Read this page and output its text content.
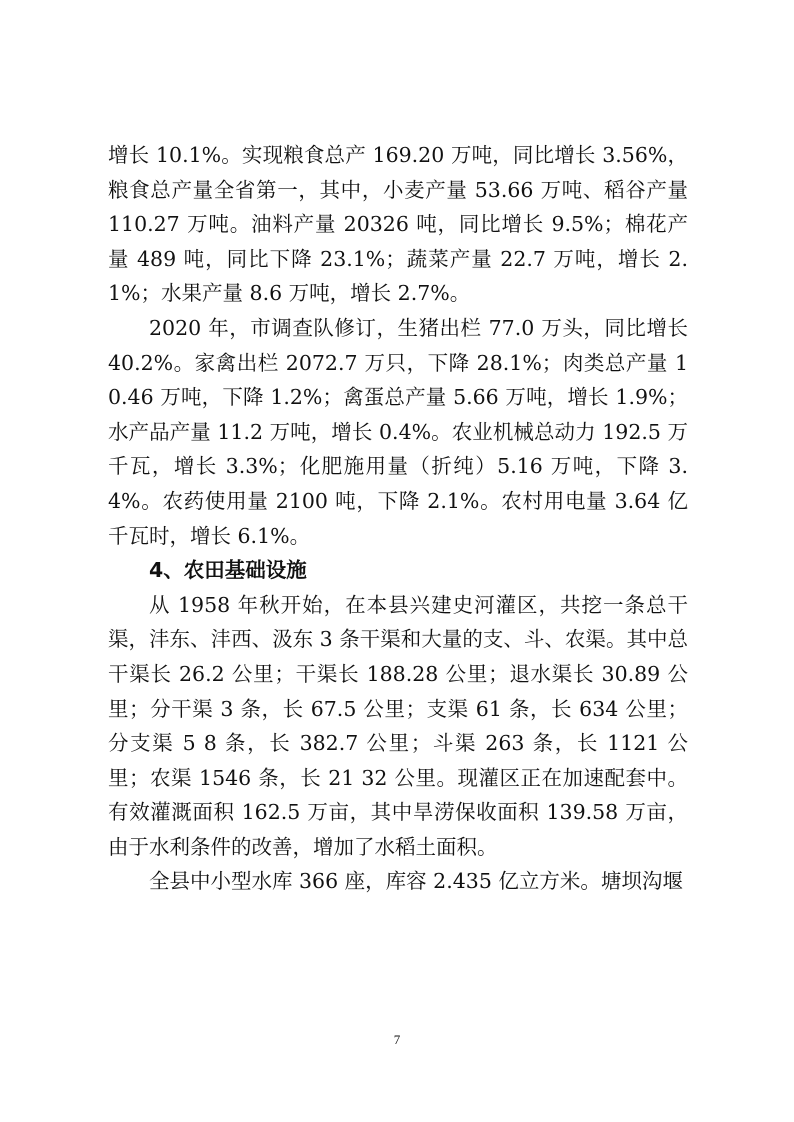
增长 10.1%。实现粮食总产 169.20 万吨，同比增长 3.56%，粮食总产量全省第一，其中，小麦产量 53.66 万吨、稻谷产量 110.27 万吨。油料产量 20326 吨，同比增长 9.5%；棉花产量 489 吨，同比下降 23.1%；蔬菜产量 22.7 万吨，增长 2.1%；水果产量 8.6 万吨，增长 2.7%。

2020 年，市调查队修订，生猪出栏 77.0 万头，同比增长 40.2%。家禽出栏 2072.7 万只，下降 28.1%；肉类总产量 10.46 万吨，下降 1.2%；禽蛋总产量 5.66 万吨，增长 1.9%；水产品产量 11.2 万吨，增长 0.4%。农业机械总动力 192.5 万千瓦，增长 3.3%；化肥施用量（折纯）5.16 万吨，下降 3.4%。农药使用量 2100 吨，下降 2.1%。农村用电量 3.64 亿千瓦时，增长 6.1%。

4、农田基础设施

从 1958 年秋开始，在本县兴建史河灌区，共挖一条总干渠，沣东、沣西、汲东 3 条干渠和大量的支、斗、农渠。其中总干渠长 26.2 公里；干渠长 188.28 公里；退水渠长 30.89 公里；分干渠 3 条，长 67.5 公里；支渠 61 条，长 634 公里；分支渠 5 8 条，长 382.7 公里；斗渠 263 条，长 1121 公里；农渠 1546 条，长 21 32 公里。现灌区正在加速配套中。有效灌溉面积 162.5 万亩，其中旱涝保收面积 139.58 万亩，由于水利条件的改善，增加了水稻土面积。

全县中小型水库 366 座，库容 2.435 亿立方米。塘坝沟堰

7
